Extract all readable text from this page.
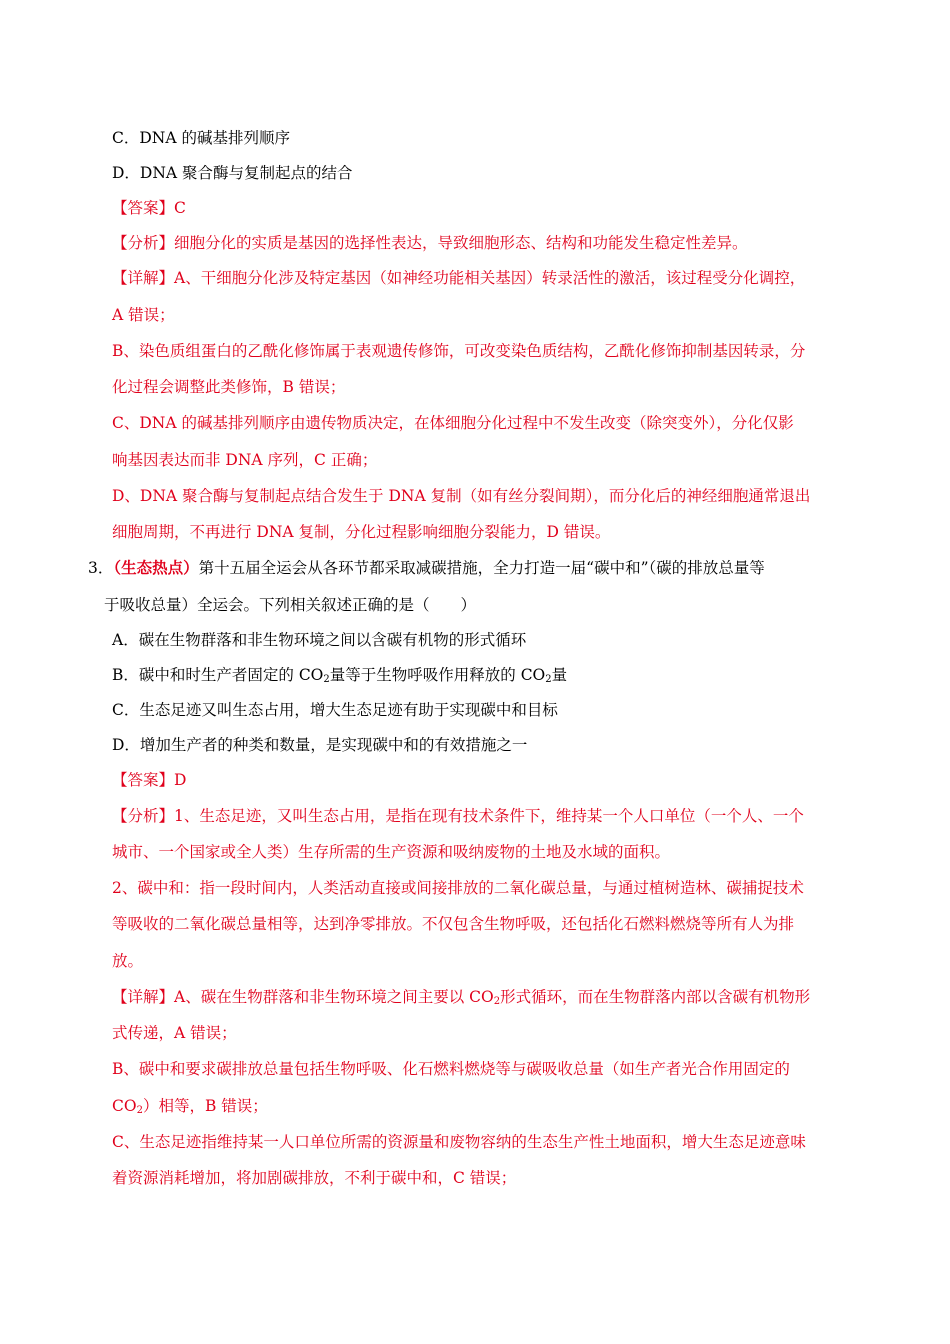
C．DNA 的碱基排列顺序
D．DNA 聚合酶与复制起点的结合
【答案】C
【分析】细胞分化的实质是基因的选择性表达，导致细胞形态、结构和功能发生稳定性差异。
【详解】A、干细胞分化涉及特定基因（如神经功能相关基因）转录活性的激活，该过程受分化调控，
A 错误；
B、染色质组蛋白的乙酰化修饰属于表观遗传修饰，可改变染色质结构，乙酰化修饰抑制基因转录，分
化过程会调整此类修饰，B 错误；
C、DNA 的碱基排列顺序由遗传物质决定，在体细胞分化过程中不发生改变（除突变外），分化仅影
响基因表达而非 DNA 序列，C 正确；
D、DNA 聚合酶与复制起点结合发生于 DNA 复制（如有丝分裂间期），而分化后的神经细胞通常退出
细胞周期，不再进行 DNA 复制，分化过程影响细胞分裂能力，D 错误。
3．（生态热点）第十五届全运会从各环节都采取减碳措施，全力打造一届“碳中和”（碳的排放总量等
于吸收总量）全运会。下列相关叙述正确的是（　　）
A．碳在生物群落和非生物环境之间以含碳有机物的形式循环
B．碳中和时生产者固定的 $CO_2$量等于生物呼吸作用释放的 $CO_2$量
C．生态足迹又叫生态占用，增大生态足迹有助于实现碳中和目标
D．增加生产者的种类和数量，是实现碳中和的有效措施之一
【答案】D
【分析】1、生态足迹，又叫生态占用，是指在现有技术条件下，维持某一个人口单位（一个人、一个
城市、一个国家或全人类）生存所需的生产资源和吸纳废物的土地及水域的面积。
2、碳中和：指一段时间内，人类活动直接或间接排放的二氧化碳总量，与通过植树造林、碳捕捉技术
等吸收的二氧化碳总量相等，达到净零排放。不仅包含生物呼吸，还包括化石燃料燃烧等所有人为排
放。
【详解】A、碳在生物群落和非生物环境之间主要以 $CO_2$形式循环，而在生物群落内部以含碳有机物形
式传递，A 错误；
B、碳中和要求碳排放总量包括生物呼吸、化石燃料燃烧等与碳吸收总量（如生产者光合作用固定的
$CO_2$）相等，B 错误；
C、生态足迹指维持某一人口单位所需的资源量和废物容纳的生态生产性土地面积，增大生态足迹意味
着资源消耗增加，将加剧碳排放，不利于碳中和，C 错误；
